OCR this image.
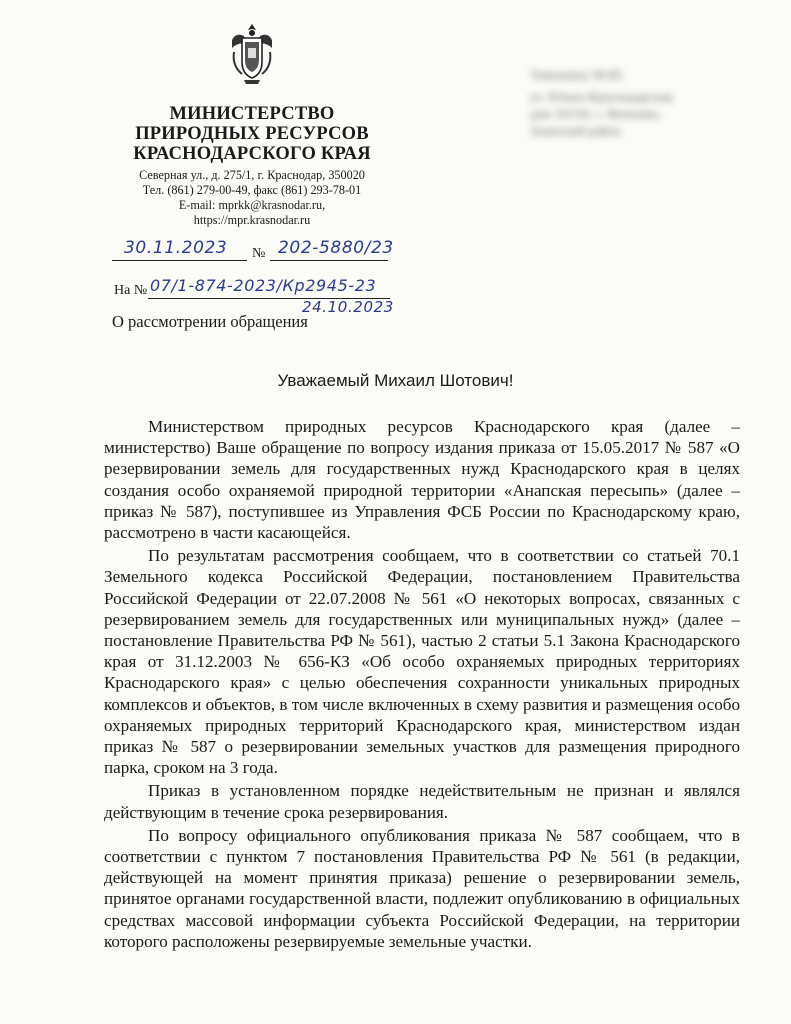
МИНИСТЕРСТВО
ПРИРОДНЫХ РЕСУРСОВ
КРАСНОДАРСКОГО КРАЯ
Северная ул., д. 275/1, г. Краснодар, 350020
Тел. (861) 279-00-49, факс (861) 293-78-01
E-mail: mprkk@krasnodar.ru,
https://mpr.krasnodar.ru
Тимошину М.Ш.
ул. Южно-Краснодарская,
дом 101/02, г. Витязево,
Анапский район
30.11.2023 № 202-5880/23
На № 07/1-874-2023/Кр2945-23
24.10.2023
О рассмотрении обращения
Уважаемый Михаил Шотович!

Министерством природных ресурсов Краснодарского края (далее – министерство) Ваше обращение по вопросу издания приказа от 15.05.2017 № 587 «О резервировании земель для государственных нужд Краснодарского края в целях создания особо охраняемой природной территории «Анапская пересыпь» (далее – приказ № 587), поступившее из Управления ФСБ России по Краснодарскому краю, рассмотрено в части касающейся.

По результатам рассмотрения сообщаем, что в соответствии со статьей 70.1 Земельного кодекса Российской Федерации, постановлением Правительства Российской Федерации от 22.07.2008 № 561 «О некоторых вопросах, связанных с резервированием земель для государственных или муниципальных нужд» (далее – постановление Правительства РФ № 561), частью 2 статьи 5.1 Закона Краснодарского края от 31.12.2003 № 656-КЗ «Об особо охраняемых природных территориях Краснодарского края» с целью обеспечения сохранности уникальных природных комплексов и объектов, в том числе включенных в схему развития и размещения особо охраняемых природных территорий Краснодарского края, министерством издан приказ № 587 о резервировании земельных участков для размещения природного парка, сроком на 3 года.

Приказ в установленном порядке недействительным не признан и являлся действующим в течение срока резервирования.

По вопросу официального опубликования приказа № 587 сообщаем, что в соответствии с пунктом 7 постановления Правительства РФ № 561 (в редакции, действующей на момент принятия приказа) решение о резервировании земель, принятое органами государственной власти, подлежит опубликованию в официальных средствах массовой информации субъекта Российской Федерации, на территории которого расположены резервируемые земельные участки.
